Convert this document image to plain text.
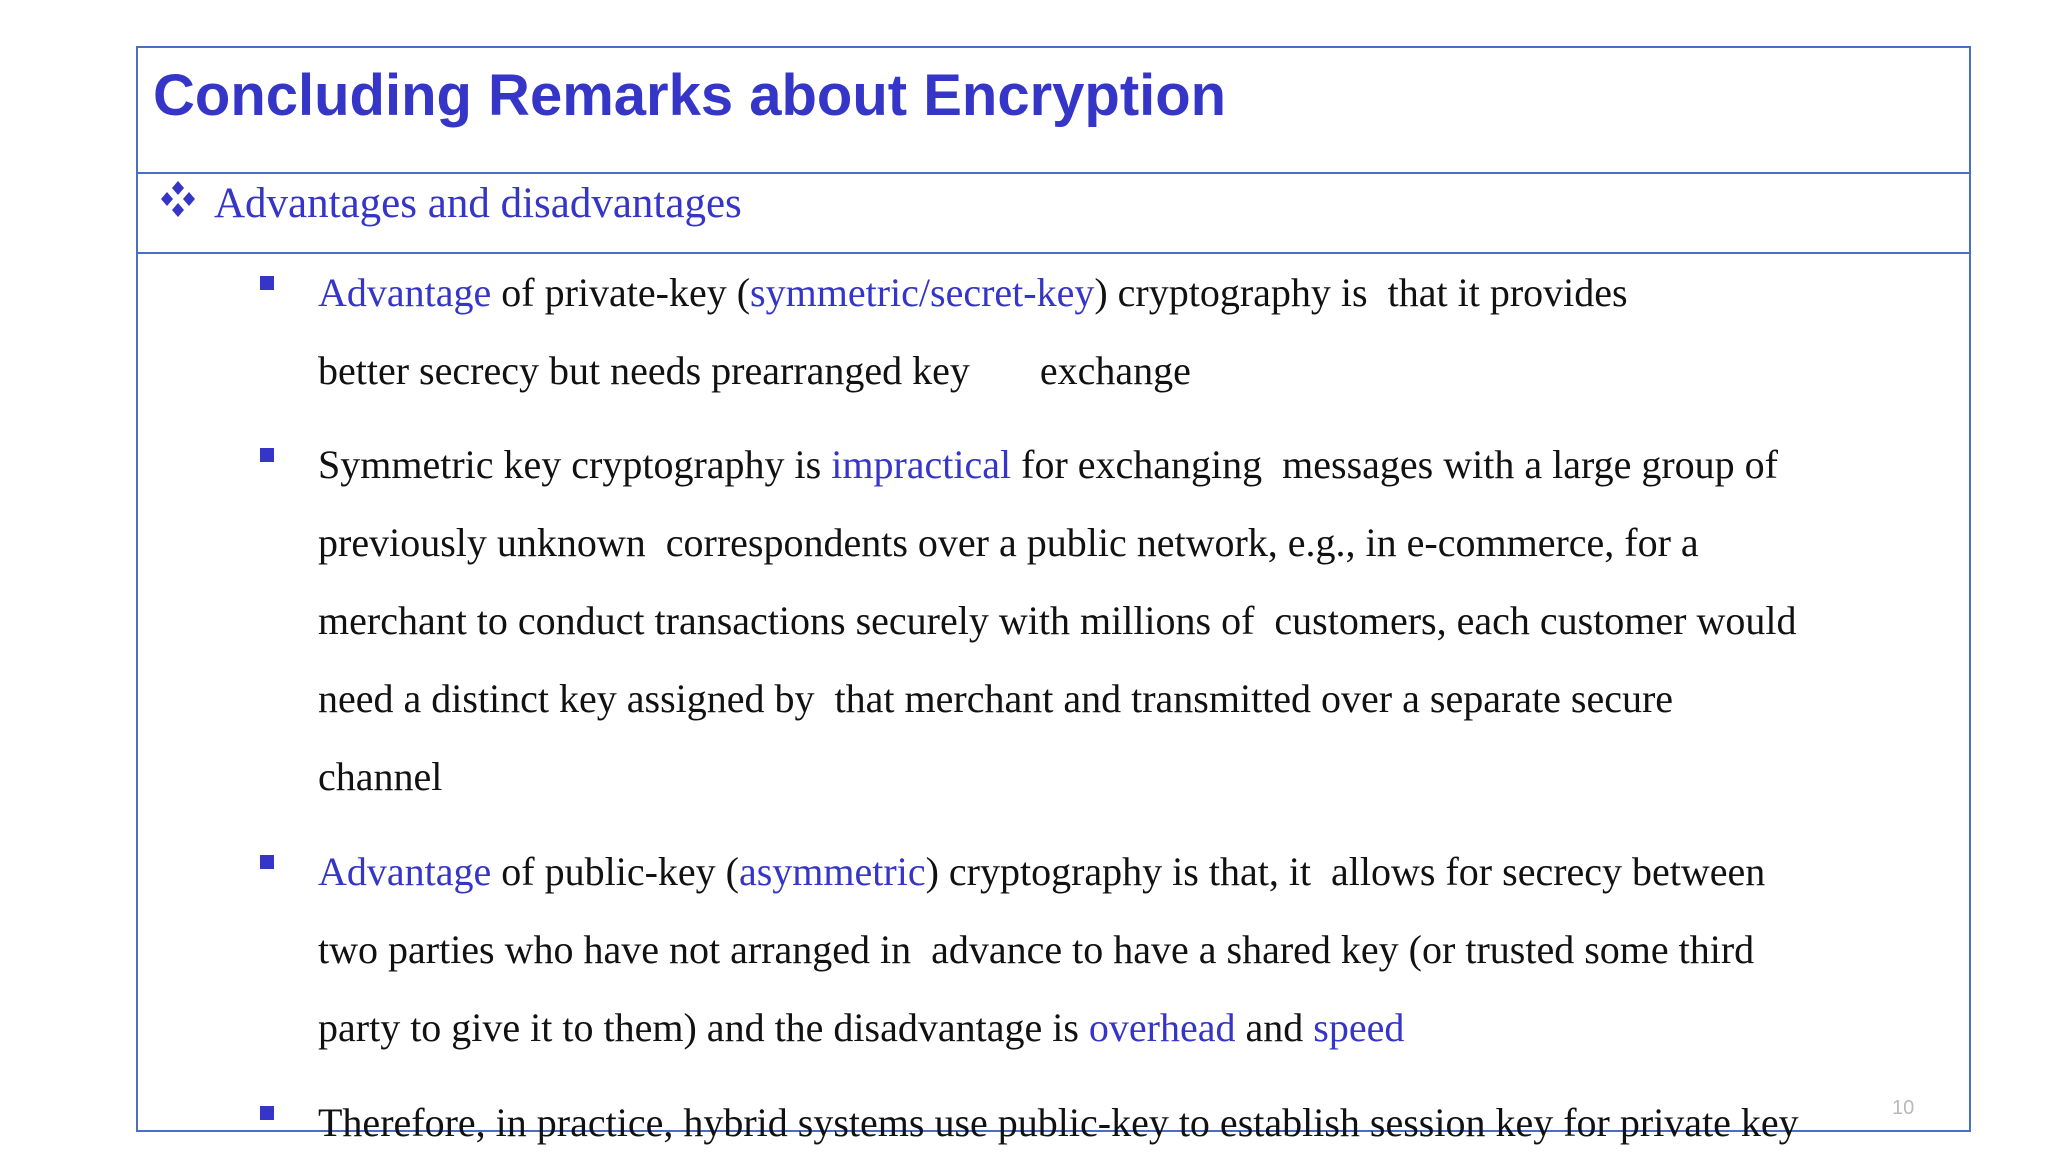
Concluding Remarks about Encryption
Advantages and disadvantages
Advantage of private-key (symmetric/secret-key) cryptography is  that it provides
better secrecy but needs prearranged key       exchange
Symmetric key cryptography is impractical for exchanging  messages with a large group of
previously unknown  correspondents over a public network, e.g., in e-commerce, for a
merchant to conduct transactions securely with millions of  customers, each customer would
need a distinct key assigned by  that merchant and transmitted over a separate secure
channel
Advantage of public-key (asymmetric) cryptography is that, it  allows for secrecy between
two parties who have not arranged in  advance to have a shared key (or trusted some third
party to give it to them) and the disadvantage is overhead and speed
Therefore, in practice, hybrid systems use public-key to establish session key for private key	10
